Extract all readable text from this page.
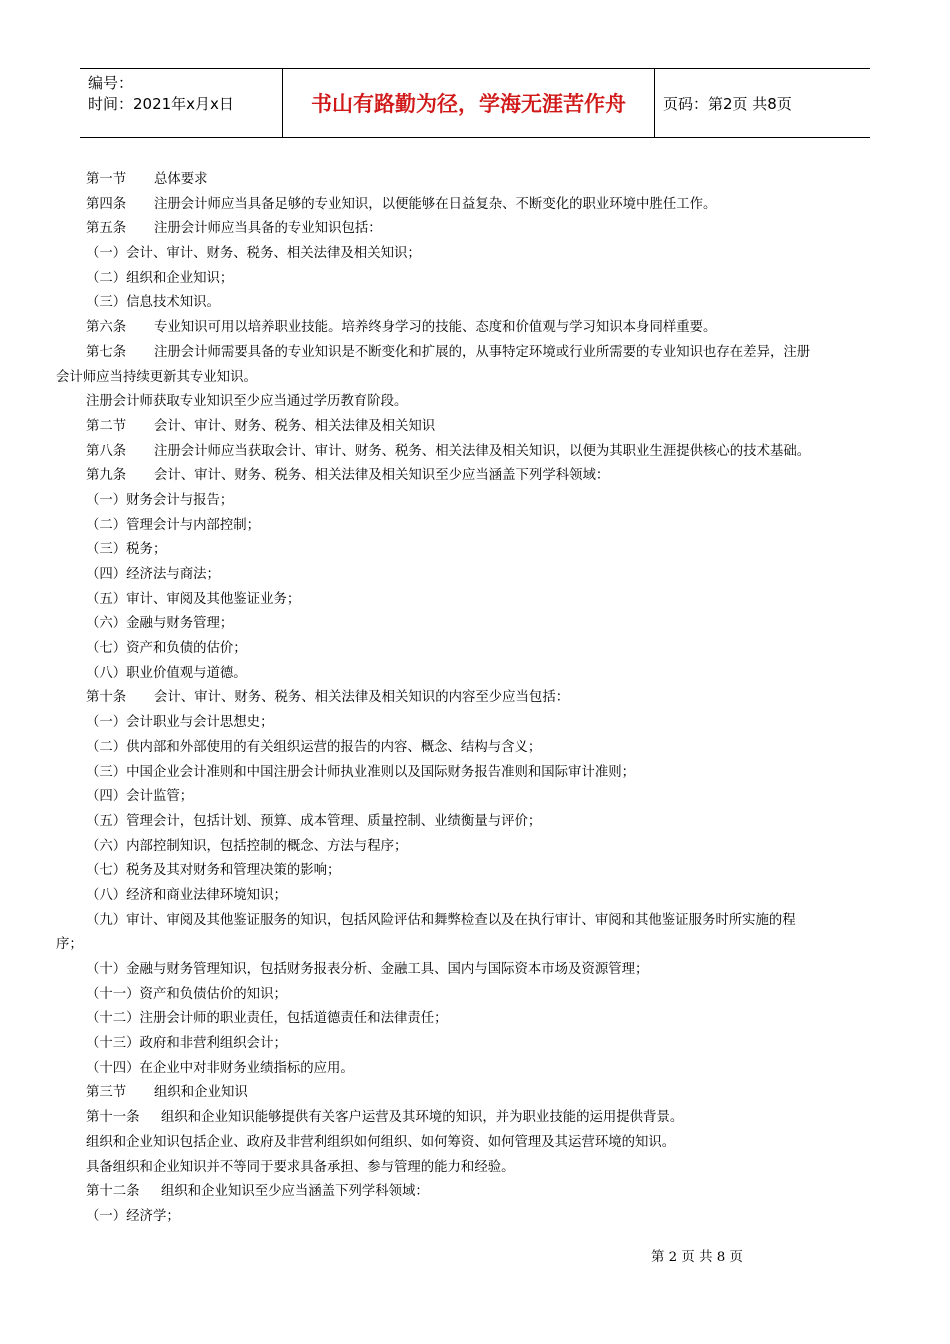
编号：
时间：2021年x月x日	书山有路勤为径，学海无涯苦作舟	页码：第2页 共8页
第一节 总体要求
第四条 注册会计师应当具备足够的专业知识，以便能够在日益复杂、不断变化的职业环境中胜任工作。
第五条 注册会计师应当具备的专业知识包括：
（一）会计、审计、财务、税务、相关法律及相关知识；
（二）组织和企业知识；
（三）信息技术知识。
第六条 专业知识可用以培养职业技能。培养终身学习的技能、态度和价值观与学习知识本身同样重要。
第七条 注册会计师需要具备的专业知识是不断变化和扩展的，从事特定环境或行业所需要的专业知识也存在差异，注册
会计师应当持续更新其专业知识。
注册会计师获取专业知识至少应当通过学历教育阶段。
第二节 会计、审计、财务、税务、相关法律及相关知识
第八条 注册会计师应当获取会计、审计、财务、税务、相关法律及相关知识，以便为其职业生涯提供核心的技术基础。
第九条 会计、审计、财务、税务、相关法律及相关知识至少应当涵盖下列学科领域：
（一）财务会计与报告；
（二）管理会计与内部控制；
（三）税务；
（四）经济法与商法；
（五）审计、审阅及其他鉴证业务；
（六）金融与财务管理；
（七）资产和负债的估价；
（八）职业价值观与道德。
第十条 会计、审计、财务、税务、相关法律及相关知识的内容至少应当包括：
（一）会计职业与会计思想史；
（二）供内部和外部使用的有关组织运营的报告的内容、概念、结构与含义；
（三）中国企业会计准则和中国注册会计师执业准则以及国际财务报告准则和国际审计准则；
（四）会计监管；
（五）管理会计，包括计划、预算、成本管理、质量控制、业绩衡量与评价；
（六）内部控制知识，包括控制的概念、方法与程序；
（七）税务及其对财务和管理决策的影响；
（八）经济和商业法律环境知识；
（九）审计、审阅及其他鉴证服务的知识，包括风险评估和舞弊检查以及在执行审计、审阅和其他鉴证服务时所实施的程
序；
（十）金融与财务管理知识，包括财务报表分析、金融工具、国内与国际资本市场及资源管理；
（十一）资产和负债估价的知识；
（十二）注册会计师的职业责任，包括道德责任和法律责任；
（十三）政府和非营利组织会计；
（十四）在企业中对非财务业绩指标的应用。
第三节 组织和企业知识
第十一条 组织和企业知识能够提供有关客户运营及其环境的知识，并为职业技能的运用提供背景。
组织和企业知识包括企业、政府及非营利组织如何组织、如何筹资、如何管理及其运营环境的知识。
具备组织和企业知识并不等同于要求具备承担、参与管理的能力和经验。
第十二条 组织和企业知识至少应当涵盖下列学科领域：
（一）经济学；
第 2 页 共 8 页
